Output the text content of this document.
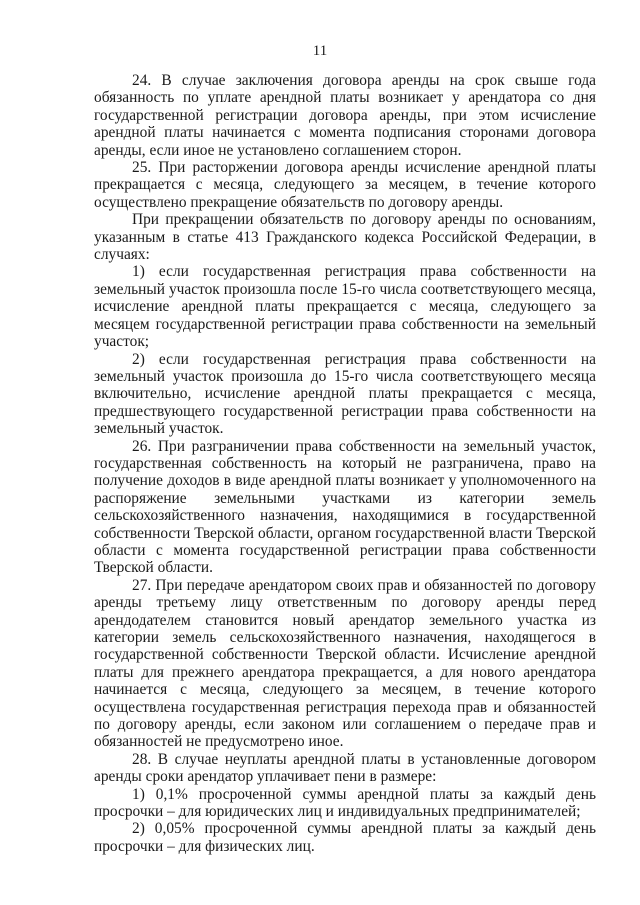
11

24. В случае заключения договора аренды на срок свыше года обязанность по уплате арендной платы возникает у арендатора со дня государственной регистрации договора аренды, при этом исчисление арендной платы начинается с момента подписания сторонами договора аренды, если иное не установлено соглашением сторон.

25. При расторжении договора аренды исчисление арендной платы прекращается с месяца, следующего за месяцем, в течение которого осуществлено прекращение обязательств по договору аренды.

При прекращении обязательств по договору аренды по основаниям, указанным в статье 413 Гражданского кодекса Российской Федерации, в случаях:

1) если государственная регистрация права собственности на земельный участок произошла после 15-го числа соответствующего месяца, исчисление арендной платы прекращается с месяца, следующего за месяцем государственной регистрации права собственности на земельный участок;

2) если государственная регистрация права собственности на земельный участок произошла до 15-го числа соответствующего месяца включительно, исчисление арендной платы прекращается с месяца, предшествующего государственной регистрации права собственности на земельный участок.

26. При разграничении права собственности на земельный участок, государственная собственность на который не разграничена, право на получение доходов в виде арендной платы возникает у уполномоченного на распоряжение земельными участками из категории земель сельскохозяйственного назначения, находящимися в государственной собственности Тверской области, органом государственной власти Тверской области с момента государственной регистрации права собственности Тверской области.

27. При передаче арендатором своих прав и обязанностей по договору аренды третьему лицу ответственным по договору аренды перед арендодателем становится новый арендатор земельного участка из категории земель сельскохозяйственного назначения, находящегося в государственной собственности Тверской области. Исчисление арендной платы для прежнего арендатора прекращается, а для нового арендатора начинается с месяца, следующего за месяцем, в течение которого осуществлена государственная регистрация перехода прав и обязанностей по договору аренды, если законом или соглашением о передаче прав и обязанностей не предусмотрено иное.

28. В случае неуплаты арендной платы в установленные договором аренды сроки арендатор уплачивает пени в размере:

1) 0,1% просроченной суммы арендной платы за каждый день просрочки – для юридических лиц и индивидуальных предпринимателей;

2) 0,05% просроченной суммы арендной платы за каждый день просрочки – для физических лиц.
